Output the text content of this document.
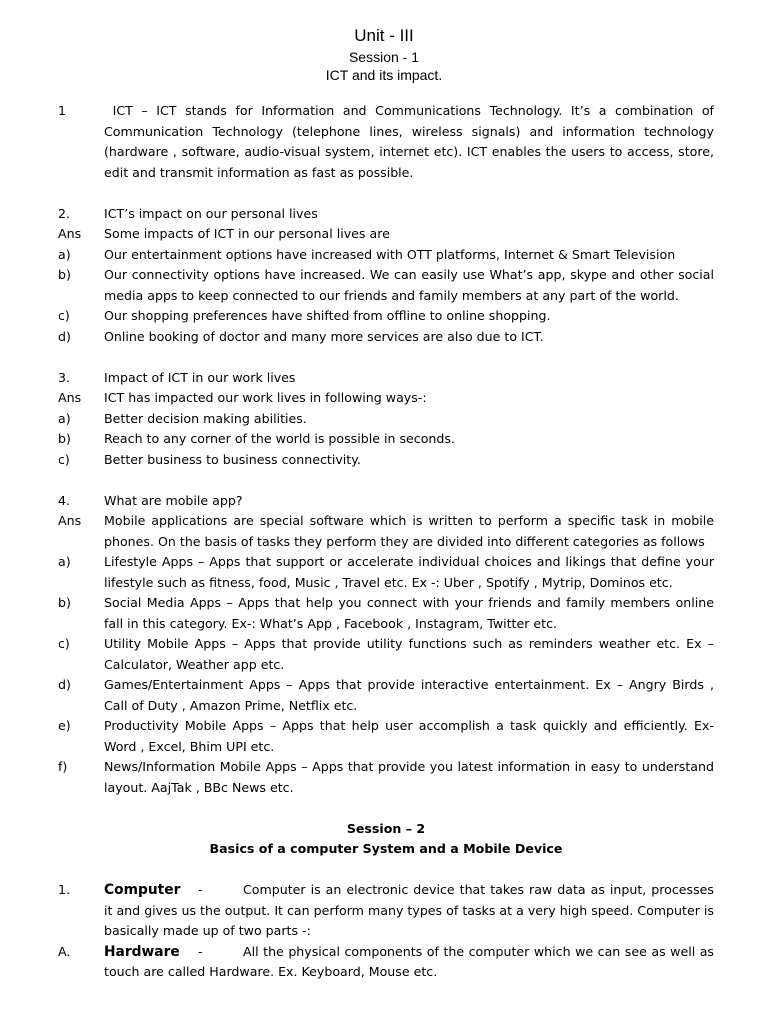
Unit - III
Session - 1
ICT and its impact.
1	ICT – ICT stands for Information and Communications Technology. It’s a combination of Communication Technology (telephone lines, wireless signals) and information technology (hardware , software, audio-visual system, internet etc). ICT enables the users to access, store, edit and transmit information as fast as possible.
2.	ICT’s impact on our personal lives
Ans	Some impacts of ICT in our personal lives are
a)	Our entertainment options have increased with OTT platforms, Internet & Smart Television
b)	Our connectivity options have increased. We can easily use What’s app, skype and other social media apps to keep connected to our friends and family members at any part of the world.
c)	Our shopping preferences have shifted from offline to online shopping.
d)	Online booking of doctor and many more services are also due to ICT.
3.	Impact of ICT in our work lives
Ans	ICT has impacted our work lives in following ways-:
a)	Better decision making abilities.
b)	Reach to any corner of the world is possible in seconds.
c)	Better business to business connectivity.
4.	What are mobile app?
Ans	Mobile applications are special software which is written to perform a specific task in mobile phones. On the basis of tasks they perform they are divided into different categories as follows
a)	Lifestyle Apps – Apps that support or accelerate individual choices and likings that define your lifestyle such as fitness, food, Music , Travel etc. Ex -: Uber , Spotify , Mytrip, Dominos etc.
b)	Social Media Apps – Apps that help you connect with your friends and family members online fall in this category. Ex-: What’s App , Facebook , Instagram, Twitter etc.
c)	Utility Mobile Apps – Apps that provide utility functions such as reminders weather etc. Ex – Calculator, Weather app etc.
d)	Games/Entertainment Apps – Apps that provide interactive entertainment. Ex – Angry Birds , Call of Duty , Amazon Prime, Netflix etc.
e)	Productivity Mobile Apps – Apps that help user accomplish a task quickly and efficiently. Ex- Word , Excel, Bhim UPI etc.
f)	News/Information Mobile Apps – Apps that provide you latest information in easy to understand layout. AajTak , BBc News etc.
Session – 2
Basics of a computer System and a Mobile Device
1.	Computer -	Computer is an electronic device that takes raw data as input, processes it and gives us the output. It can perform many types of tasks at a very high speed. Computer is basically made up of two parts -:
A.	Hardware -	All the physical components of the computer which we can see as well as touch are called Hardware. Ex. Keyboard, Mouse etc.
